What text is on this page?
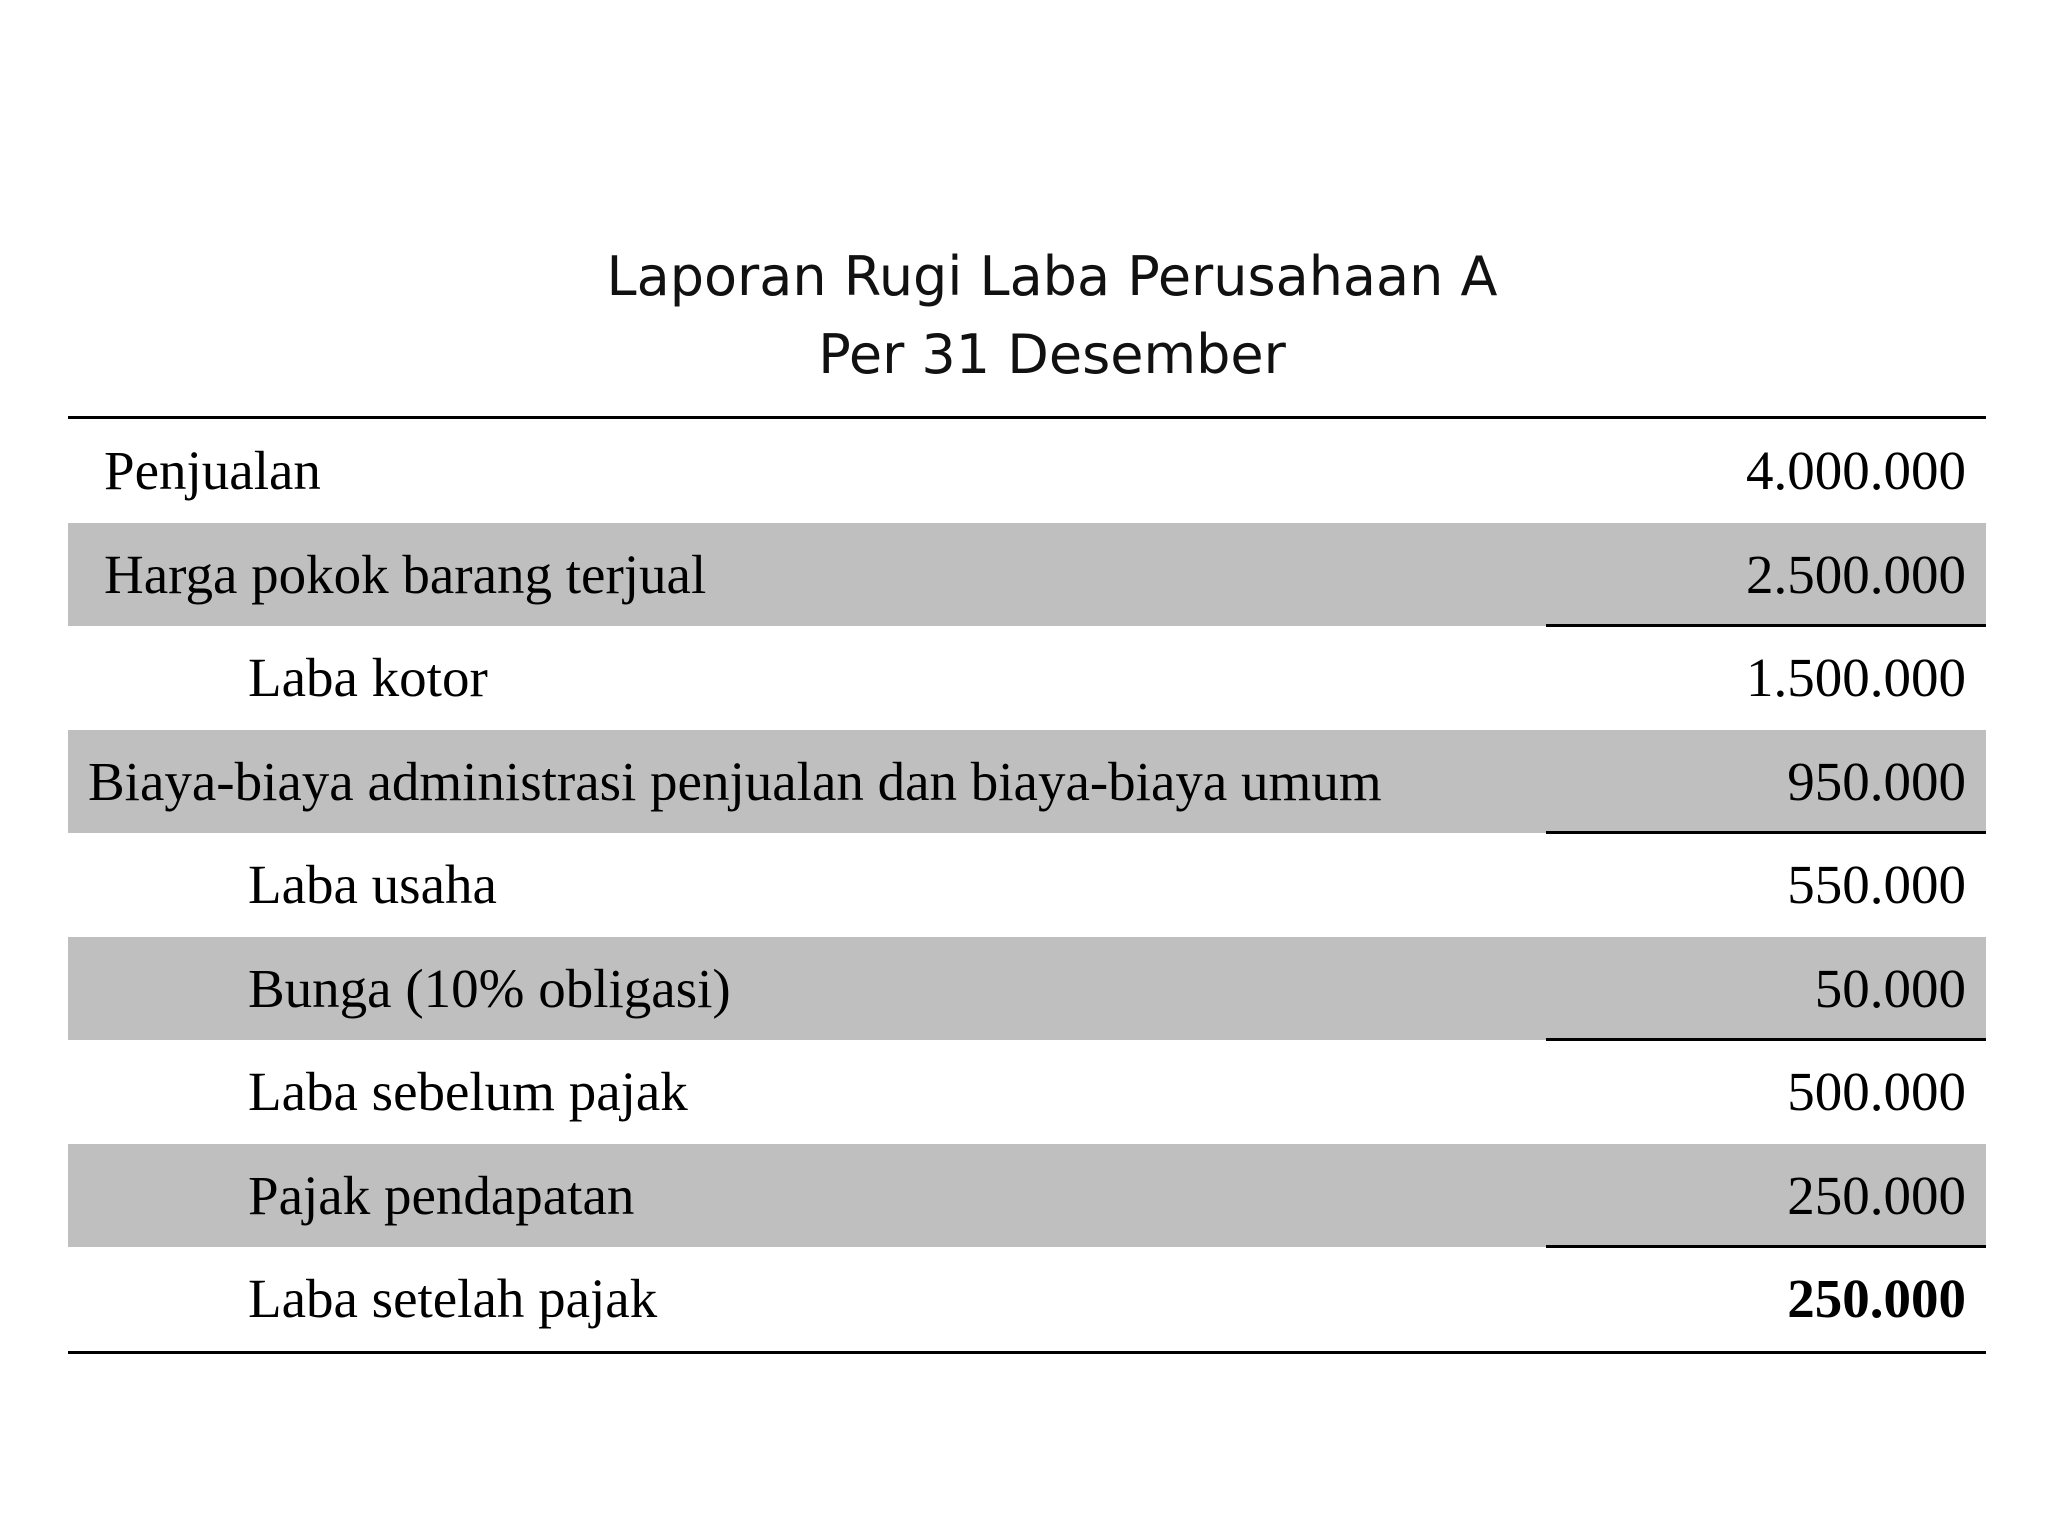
Laporan Rugi Laba Perusahaan A
Per 31 Desember
Penjualan	4.000.000
Harga pokok barang terjual	2.500.000
Laba kotor	1.500.000
Biaya-biaya administrasi penjualan dan biaya-biaya umum	950.000
Laba usaha	550.000
Bunga (10% obligasi)	50.000
Laba sebelum pajak	500.000
Pajak pendapatan	250.000
Laba setelah pajak	250.000
